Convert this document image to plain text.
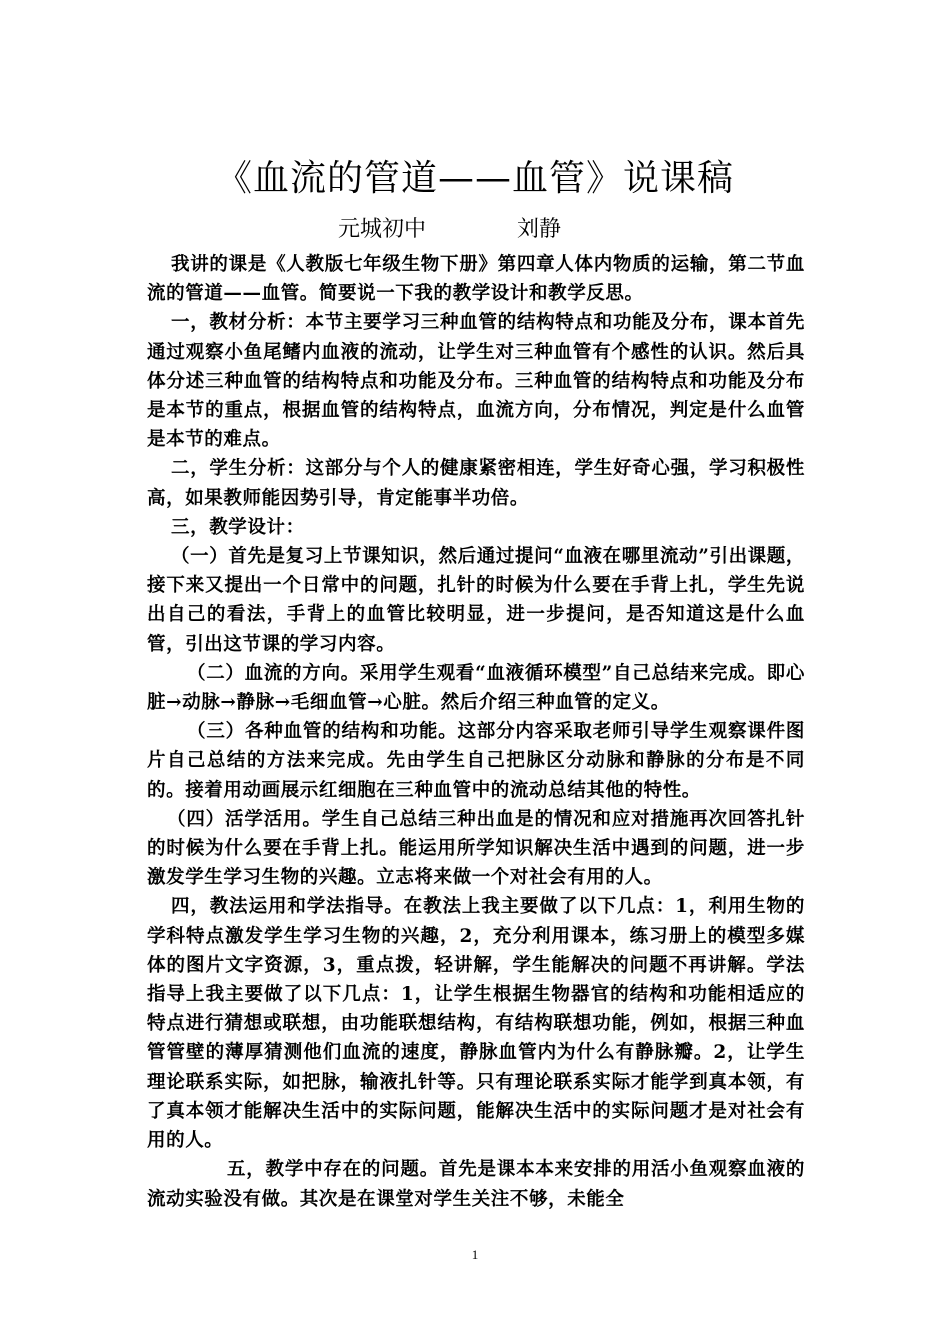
《血流的管道——血管》说课稿
元城初中	刘静

我讲的课是《人教版七年级生物下册》第四章人体内物质的运输，第二节血流的管道——血管。简要说一下我的教学设计和教学反思。

一，教材分析：本节主要学习三种血管的结构特点和功能及分布，课本首先通过观察小鱼尾鳍内血液的流动，让学生对三种血管有个感性的认识。然后具体分述三种血管的结构特点和功能及分布。三种血管的结构特点和功能及分布是本节的重点，根据血管的结构特点，血流方向，分布情况，判定是什么血管是本节的难点。

二，学生分析：这部分与个人的健康紧密相连，学生好奇心强，学习积极性高，如果教师能因势引导，肯定能事半功倍。

三，教学设计：

（一）首先是复习上节课知识，然后通过提问“血液在哪里流动”引出课题，接下来又提出一个日常中的问题，扎针的时候为什么要在手背上扎，学生先说出自己的看法，手背上的血管比较明显，进一步提问，是否知道这是什么血管，引出这节课的学习内容。

（二）血流的方向。采用学生观看“血液循环模型”自己总结来完成。即心脏→动脉→静脉→毛细血管→心脏。然后介绍三种血管的定义。

（三）各种血管的结构和功能。这部分内容采取老师引导学生观察课件图片自己总结的方法来完成。先由学生自己把脉区分动脉和静脉的分布是不同的。接着用动画展示红细胞在三种血管中的流动总结其他的特性。

（四）活学活用。学生自己总结三种出血是的情况和应对措施再次回答扎针的时候为什么要在手背上扎。能运用所学知识解决生活中遇到的问题，进一步激发学生学习生物的兴趣。立志将来做一个对社会有用的人。

四，教法运用和学法指导。在教法上我主要做了以下几点：1，利用生物的学科特点激发学生学习生物的兴趣，2，充分利用课本，练习册上的模型多媒体的图片文字资源，3，重点拨，轻讲解，学生能解决的问题不再讲解。学法指导上我主要做了以下几点：1，让学生根据生物器官的结构和功能相适应的特点进行猜想或联想，由功能联想结构，有结构联想功能，例如，根据三种血管管壁的薄厚猜测他们血流的速度，静脉血管内为什么有静脉瓣。2，让学生理论联系实际，如把脉，输液扎针等。只有理论联系实际才能学到真本领，有了真本领才能解决生活中的实际问题，能解决生活中的实际问题才是对社会有用的人。

五，教学中存在的问题。首先是课本本来安排的用活小鱼观察血液的流动实验没有做。其次是在课堂对学生关注不够，未能全

1
